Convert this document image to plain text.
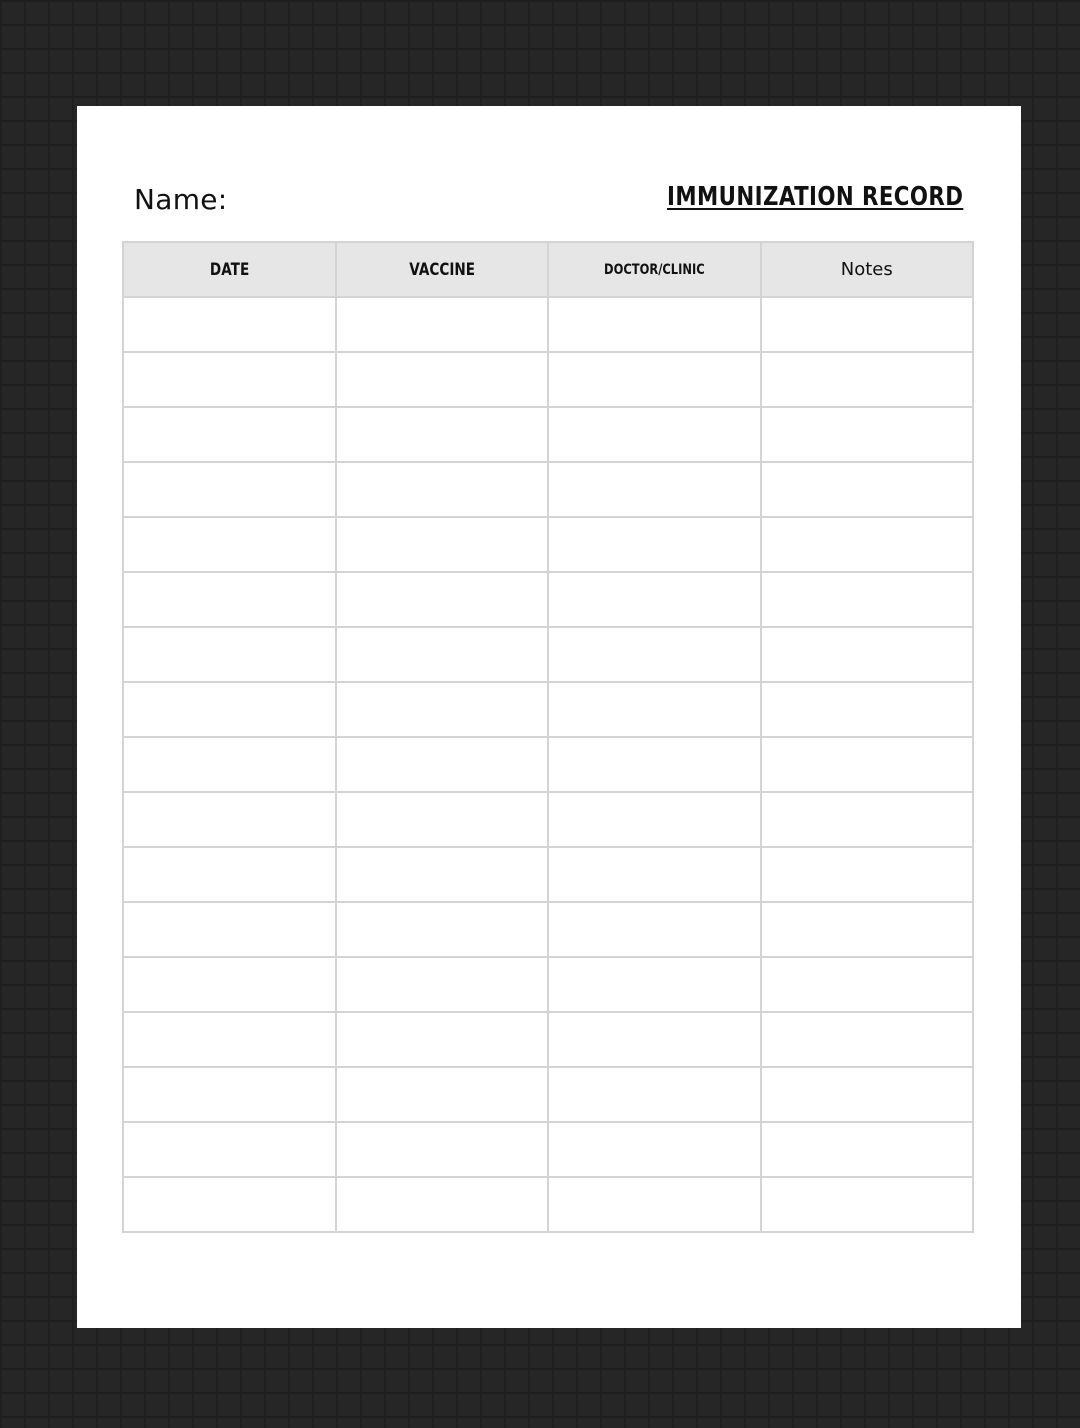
Name:	IMMUNIZATION RECORD
DATE	VACCINE	DOCTOR/CLINIC	Notes
